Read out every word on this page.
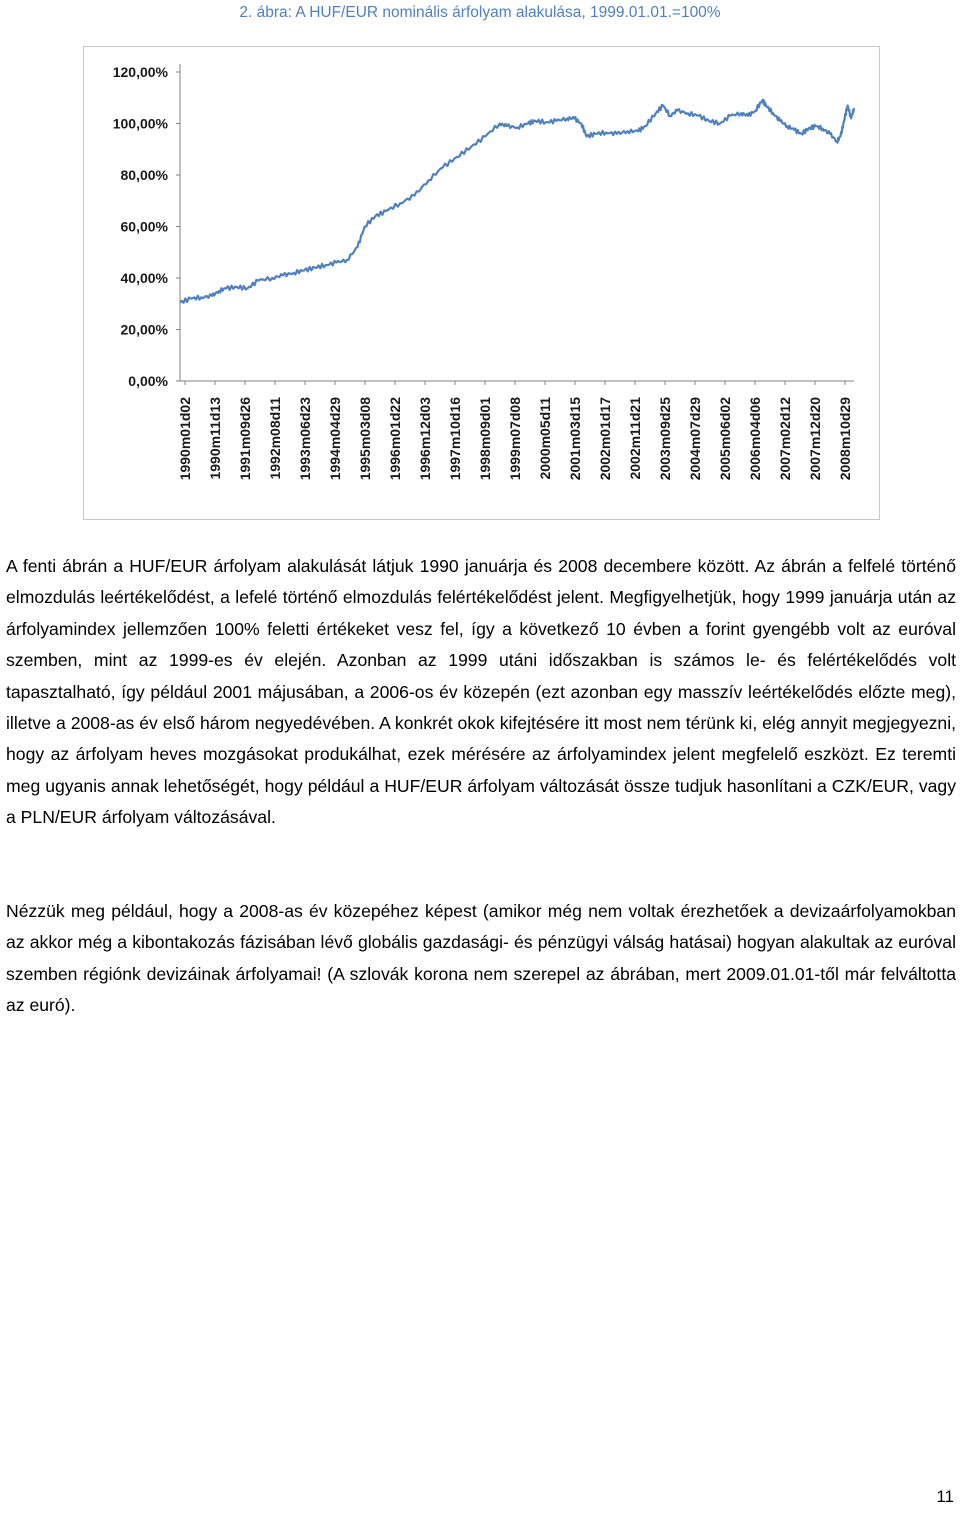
2. ábra: A HUF/EUR nominális árfolyam alakulása, 1999.01.01.=100%
0,00%
20,00%
40,00%
60,00%
80,00%
100,00%
120,00%
1990m01d02 1990m11d13 1991m09d26 1992m08d11 1993m06d23 1994m04d29 1995m03d08 1996m01d22 1996m12d03 1997m10d16 1998m09d01 1999m07d08 2000m05d11 2001m03d15 2002m01d17 2002m11d21 2003m09d25 2004m07d29 2005m06d02 2006m04d06 2007m02d12 2007m12d20 2008m10d29

A fenti ábrán a HUF/EUR árfolyam alakulását látjuk 1990 januárja és 2008 decembere között. Az ábrán a felfelé történő elmozdulás leértékelődést, a lefelé történő elmozdulás felértékelődést jelent. Megfigyelhetjük, hogy 1999 januárja után az árfolyamindex jellemzően 100% feletti értékeket vesz fel, így a következő 10 évben a forint gyengébb volt az euróval szemben, mint az 1999-es év elején. Azonban az 1999 utáni időszakban is számos le- és felértékelődés volt tapasztalható, így például 2001 májusában, a 2006-os év közepén (ezt azonban egy masszív leértékelődés előzte meg), illetve a 2008-as év első három negyedévében. A konkrét okok kifejtésére itt most nem térünk ki, elég annyit megjegyezni, hogy az árfolyam heves mozgásokat produkálhat, ezek mérésére az árfolyamindex jelent megfelelő eszközt. Ez teremti meg ugyanis annak lehetőségét, hogy például a HUF/EUR árfolyam változását össze tudjuk hasonlítani a CZK/EUR, vagy a PLN/EUR árfolyam változásával.

Nézzük meg például, hogy a 2008-as év közepéhez képest (amikor még nem voltak érezhetőek a devizaárfolyamokban az akkor még a kibontakozás fázisában lévő globális gazdasági- és pénzügyi válság hatásai) hogyan alakultak az euróval szemben régiónk devizáinak árfolyamai! (A szlovák korona nem szerepel az ábrában, mert 2009.01.01-től már felváltotta az euró).

11
